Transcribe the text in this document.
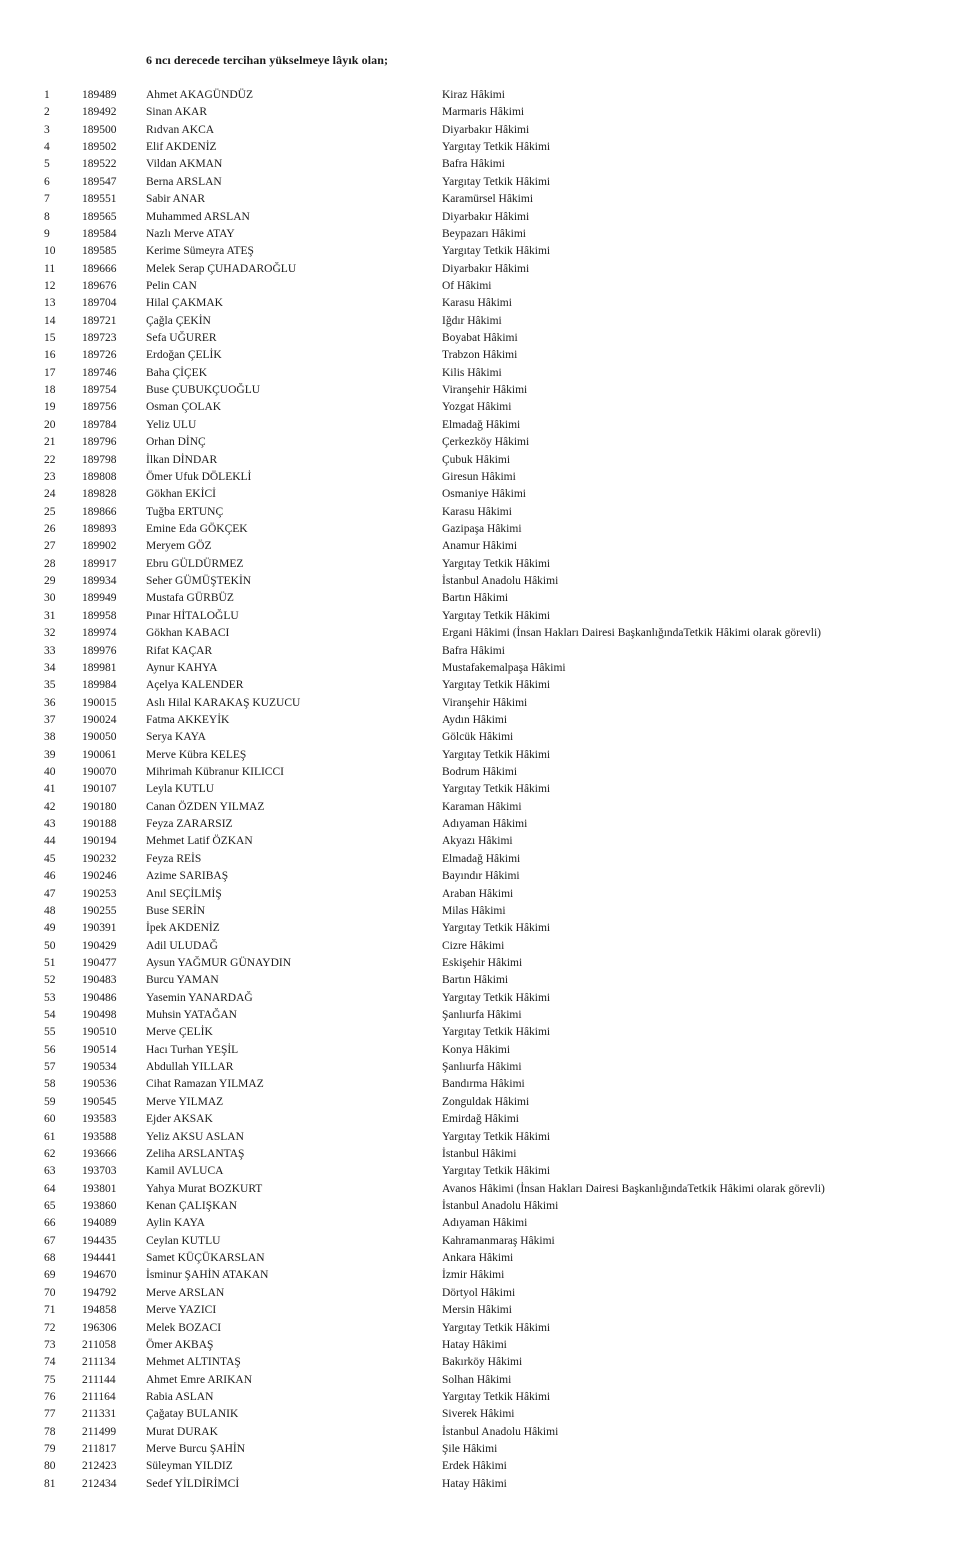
6 ncı derecede tercihan yükselmeye lâyık olan;
1	189489	Ahmet AKAGÜNDÜZ	Kiraz Hâkimi
2	189492	Sinan AKAR	Marmaris Hâkimi
3	189500	Rıdvan AKCA	Diyarbakır Hâkimi
4	189502	Elif AKDENİZ	Yargıtay Tetkik Hâkimi
5	189522	Vildan AKMAN	Bafra Hâkimi
6	189547	Berna ARSLAN	Yargıtay Tetkik Hâkimi
7	189551	Sabir ANAR	Karamürsel Hâkimi
8	189565	Muhammed ARSLAN	Diyarbakır Hâkimi
9	189584	Nazlı Merve ATAY	Beypazarı Hâkimi
10 189585	Kerime Sümeyra ATEŞ	Yargıtay Tetkik Hâkimi
11 189666	Melek Serap ÇUHADAROĞLU	Diyarbakır Hâkimi
12 189676	Pelin CAN	Of Hâkimi
13 189704	Hilal ÇAKMAK	Karasu Hâkimi
14 189721	Çağla ÇEKİN	Iğdır Hâkimi
15 189723	Sefa UĞURER	Boyabat Hâkimi
16 189726	Erdoğan ÇELİK	Trabzon Hâkimi
17 189746	Baha ÇİÇEK	Kilis Hâkimi
18 189754	Buse ÇUBUKÇUOĞLU	Viranşehir Hâkimi
19 189756	Osman ÇOLAK	Yozgat Hâkimi
20 189784	Yeliz ULU	Elmadağ Hâkimi
21 189796	Orhan DİNÇ	Çerkezköy Hâkimi
22 189798	İlkan DİNDAR	Çubuk Hâkimi
23 189808	Ömer Ufuk DÖLEKLİ	Giresun Hâkimi
24 189828	Gökhan EKİCİ	Osmaniye Hâkimi
25 189866	Tuğba ERTUNÇ	Karasu Hâkimi
26 189893	Emine Eda GÖKÇEK	Gazipaşa Hâkimi
27 189902	Meryem GÖZ	Anamur Hâkimi
28 189917	Ebru GÜLDÜRMEZ	Yargıtay Tetkik Hâkimi
29 189934	Seher GÜMÜŞTEKİN	İstanbul Anadolu Hâkimi
30 189949	Mustafa GÜRBÜZ	Bartın Hâkimi
31 189958	Pınar HİTALOĞLU	Yargıtay Tetkik Hâkimi
32 189974	Gökhan KABACI	Ergani Hâkimi (İnsan Hakları Dairesi BaşkanlığındaTetkik Hâkimi olarak görevli)
33 189976	Rifat KAÇAR	Bafra Hâkimi
34 189981	Aynur KAHYA	Mustafakemalpaşa Hâkimi
35 189984	Açelya KALENDER	Yargıtay Tetkik Hâkimi
36 190015	Aslı Hilal KARAKAŞ KUZUCU	Viranşehir Hâkimi
37 190024	Fatma AKKEYİK	Aydın Hâkimi
38 190050	Serya KAYA	Gölcük Hâkimi
39 190061	Merve Kübra KELEŞ	Yargıtay Tetkik Hâkimi
40 190070	Mihrimah Kübranur KILICCI	Bodrum Hâkimi
41 190107	Leyla KUTLU	Yargıtay Tetkik Hâkimi
42 190180	Canan ÖZDEN YILMAZ	Karaman Hâkimi
43 190188	Feyza ZARARSIZ	Adıyaman Hâkimi
44 190194	Mehmet Latif ÖZKAN	Akyazı Hâkimi
45 190232	Feyza REİS	Elmadağ Hâkimi
46 190246	Azime SARIBAŞ	Bayındır Hâkimi
47 190253	Anıl SEÇİLMİŞ	Araban Hâkimi
48 190255	Buse SERİN	Milas Hâkimi
49 190391	İpek AKDENİZ	Yargıtay Tetkik Hâkimi
50 190429	Adil ULUDAĞ	Cizre Hâkimi
51 190477	Aysun YAĞMUR GÜNAYDIN	Eskişehir Hâkimi
52 190483	Burcu YAMAN	Bartın Hâkimi
53 190486	Yasemin YANARDAĞ	Yargıtay Tetkik Hâkimi
54 190498	Muhsin YATAĞAN	Şanlıurfa Hâkimi
55 190510	Merve ÇELİK	Yargıtay Tetkik Hâkimi
56 190514	Hacı Turhan YEŞİL	Konya Hâkimi
57 190534	Abdullah YILLAR	Şanlıurfa Hâkimi
58 190536	Cihat Ramazan YILMAZ	Bandırma Hâkimi
59 190545	Merve YILMAZ	Zonguldak Hâkimi
60 193583	Ejder AKSAK	Emirdağ Hâkimi
61 193588	Yeliz AKSU ASLAN	Yargıtay Tetkik Hâkimi
62 193666	Zeliha ARSLANTAŞ	İstanbul Hâkimi
63 193703	Kamil AVLUCA	Yargıtay Tetkik Hâkimi
64 193801	Yahya Murat BOZKURT	Avanos Hâkimi (İnsan Hakları Dairesi BaşkanlığındaTetkik Hâkimi olarak görevli)
65 193860	Kenan ÇALIŞKAN	İstanbul Anadolu Hâkimi
66 194089	Aylin KAYA	Adıyaman Hâkimi
67 194435	Ceylan KUTLU	Kahramanmaraş Hâkimi
68 194441	Samet KÜÇÜKARSLAN	Ankara Hâkimi
69 194670	İsminur ŞAHİN ATAKAN	İzmir Hâkimi
70 194792	Merve ARSLAN	Dörtyol Hâkimi
71 194858	Merve YAZICI	Mersin Hâkimi
72 196306	Melek BOZACI	Yargıtay Tetkik Hâkimi
73 211058	Ömer AKBAŞ	Hatay Hâkimi
74 211134	Mehmet ALTINTAŞ	Bakırköy Hâkimi
75 211144	Ahmet Emre ARIKAN	Solhan Hâkimi
76 211164	Rabia ASLAN	Yargıtay Tetkik Hâkimi
77 211331	Çağatay BULANIK	Siverek Hâkimi
78 211499	Murat DURAK	İstanbul Anadolu Hâkimi
79 211817	Merve Burcu ŞAHİN	Şile Hâkimi
80 212423	Süleyman YILDIZ	Erdek Hâkimi
81 212434	Sedef YİLDİRİMCİ	Hatay Hâkimi
